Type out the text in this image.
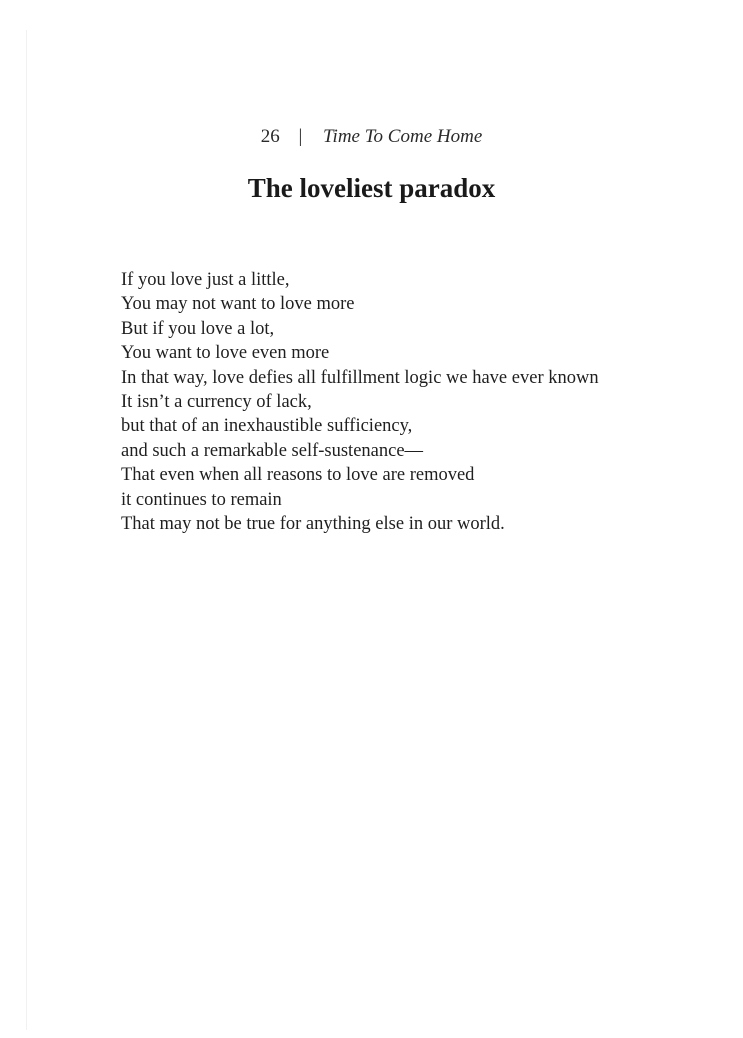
26 | Time To Come Home
The loveliest paradox
If you love just a little,
You may not want to love more
But if you love a lot,
You want to love even more
In that way, love defies all fulfillment logic we have ever known
It isn’t a currency of lack,
but that of an inexhaustible sufficiency,
and such a remarkable self-sustenance—
That even when all reasons to love are removed
it continues to remain
That may not be true for anything else in our world.
